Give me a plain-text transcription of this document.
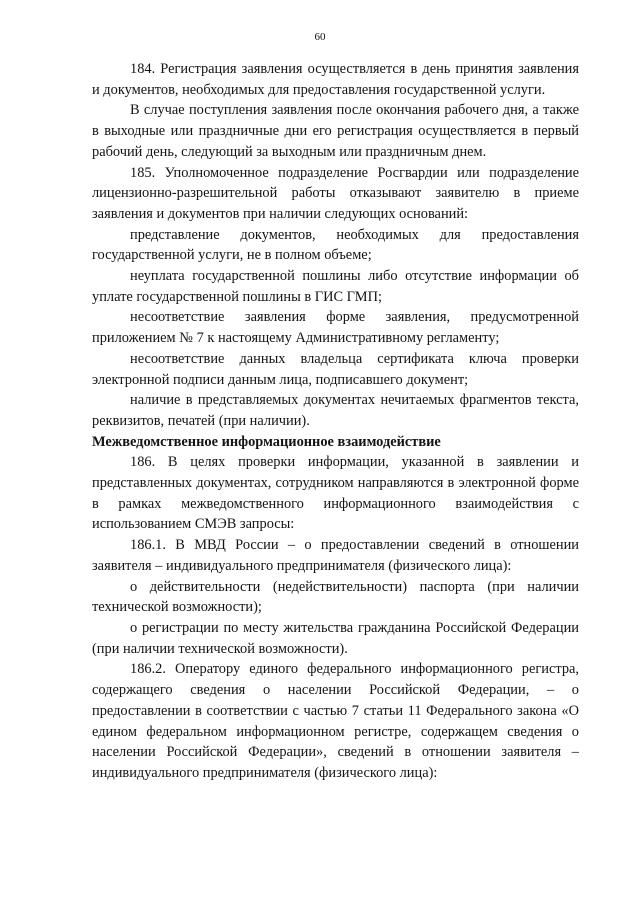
60

184. Регистрация заявления осуществляется в день принятия заявления и документов, необходимых для предоставления государственной услуги.

В случае поступления заявления после окончания рабочего дня, а также в выходные или праздничные дни его регистрация осуществляется в первый рабочий день, следующий за выходным или праздничным днем.

185. Уполномоченное подразделение Росгвардии или подразделение лицензионно-разрешительной работы отказывают заявителю в приеме заявления и документов при наличии следующих оснований:

представление документов, необходимых для предоставления государственной услуги, не в полном объеме;

неуплата государственной пошлины либо отсутствие информации об уплате государственной пошлины в ГИС ГМП;

несоответствие заявления форме заявления, предусмотренной приложением № 7 к настоящему Административному регламенту;

несоответствие данных владельца сертификата ключа проверки электронной подписи данным лица, подписавшего документ;

наличие в представляемых документах нечитаемых фрагментов текста, реквизитов, печатей (при наличии).

Межведомственное информационное взаимодействие

186. В целях проверки информации, указанной в заявлении и представленных документах, сотрудником направляются в электронной форме в рамках межведомственного информационного взаимодействия с использованием СМЭВ запросы:

186.1. В МВД России – о предоставлении сведений в отношении заявителя – индивидуального предпринимателя (физического лица):

о действительности (недействительности) паспорта (при наличии технической возможности);

о регистрации по месту жительства гражданина Российской Федерации (при наличии технической возможности).

186.2. Оператору единого федерального информационного регистра, содержащего сведения о населении Российской Федерации, – о предоставлении в соответствии с частью 7 статьи 11 Федерального закона «О едином федеральном информационном регистре, содержащем сведения о населении Российской Федерации», сведений в отношении заявителя – индивидуального предпринимателя (физического лица):
